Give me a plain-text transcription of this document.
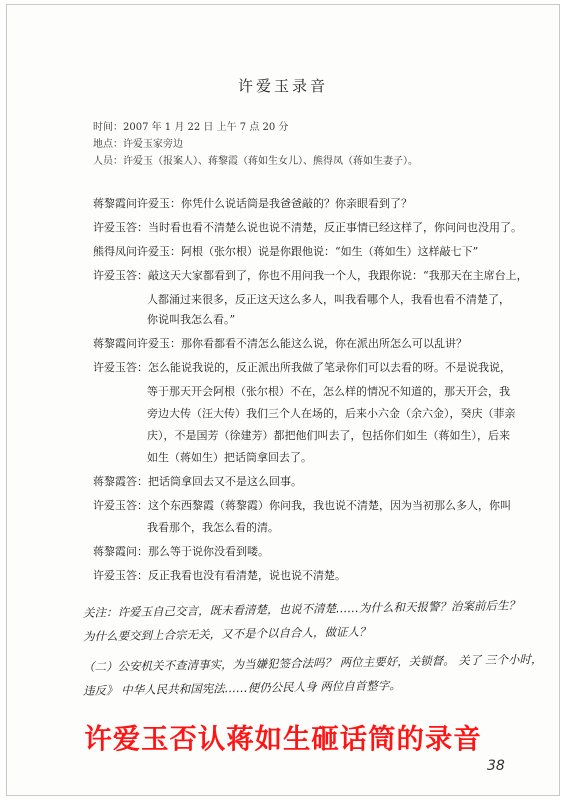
许爱玉录音
时间：2007 年 1 月 22 日 上午 7 点 20 分
地点：许爱玉家旁边
人员：许爱玉（报案人）、蒋黎霞（蒋如生女儿）、熊得凤（蒋如生妻子）。
蒋黎霞问许爱玉：你凭什么说话筒是我爸爸敲的？你亲眼看到了？
许爱玉答：当时看也看不清楚么说也说不清楚，反正事情已经这样了，你问问也没用了。
熊得凤问许爱玉：阿根（张尔根）说是你跟他说：“如生（蒋如生）这样敲七下”
许爱玉答：敲这天大家都看到了，你也不用问我一个人，我跟你说：“我那天在主席台上，
人都涌过来很多，反正这天这么多人，叫我看哪个人，我看也看不清楚了，
你说叫我怎么看。”
蒋黎霞问许爱玉：那你看都看不清怎么能这么说，你在派出所怎么可以乱讲？
许爱玉答：怎么能说我说的，反正派出所我做了笔录你们可以去看的呀。不是说我说，
等于那天开会阿根（张尔根）不在，怎么样的情况不知道的，那天开会，我
旁边大传（汪大传）我们三个人在场的，后来小六金（余六金），癸庆（菲亲
庆），不是国芳（徐建芳）都把他们叫去了，包括你们如生（蒋如生），后来
如生（蒋如生）把话筒拿回去了。
蒋黎霞答：把话筒拿回去又不是这么回事。
许爱玉答：这个东西黎霞（蒋黎霞）你问我，我也说不清楚，因为当初那么多人，你叫
我看那个，我怎么看的清。
蒋黎霞问：那么等于说你没看到喽。
许爱玉答：反正我看也没有看清楚，说也说不清楚。
关注：许爱玉自己交言，既未看清楚，也说不清楚……为什么和天报警？治案前后生？
为什么要交到上合宗无关，又不是个以自合人，做证人？
（二）公安机关不查清事实，为当嫌犯签合法吗？ 两位主要好，关锁督。 关了 三个小时，
违反》 中华人民共和国宪法……便仍公民人身 两位自首整字。
许爱玉否认蒋如生砸话筒的录音
38
